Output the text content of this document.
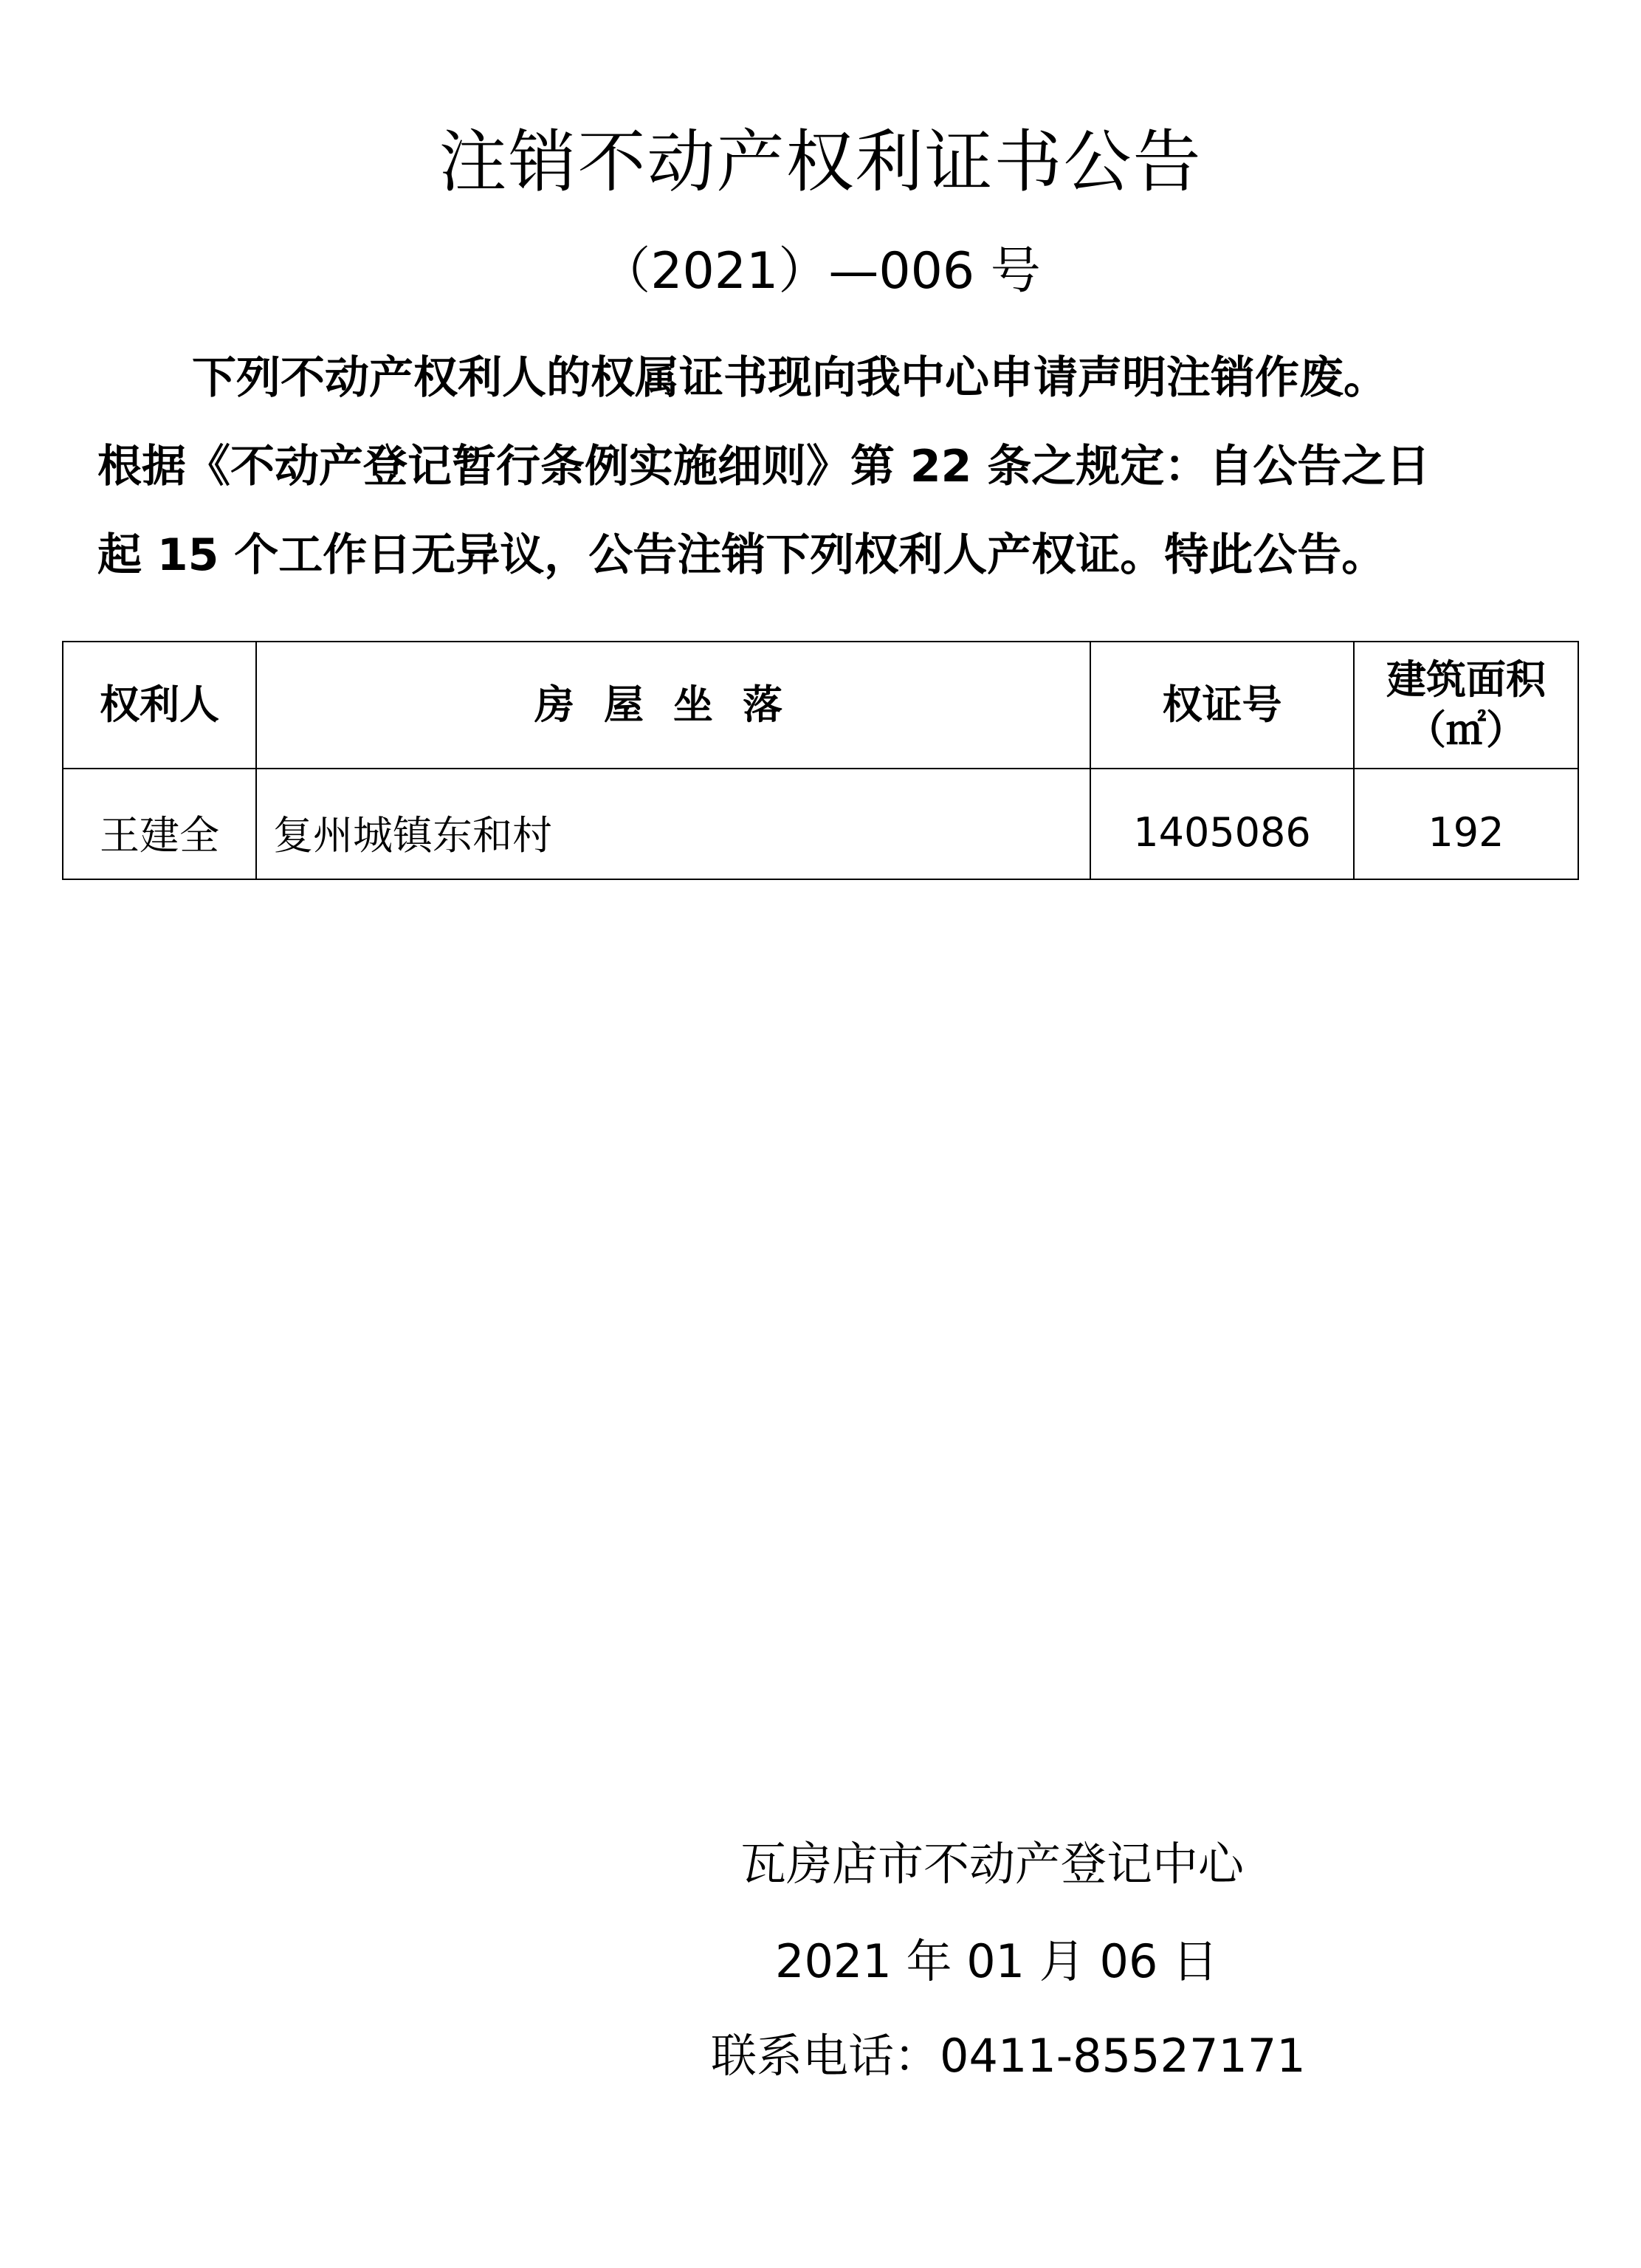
注销不动产权利证书公告
（2021）—006 号
下列不动产权利人的权属证书现向我中心申请声明注销作废。
根据《不动产登记暂行条例实施细则》第 22 条之规定：自公告之日
起 15 个工作日无异议，公告注销下列权利人产权证。特此公告。
权利人	房屋坐落	权证号	建筑面积
（㎡）

王建全	复州城镇东和村	1405086	192
瓦房店市不动产登记中心
2021 年 01 月 06 日
联系电话：0411-85527171
